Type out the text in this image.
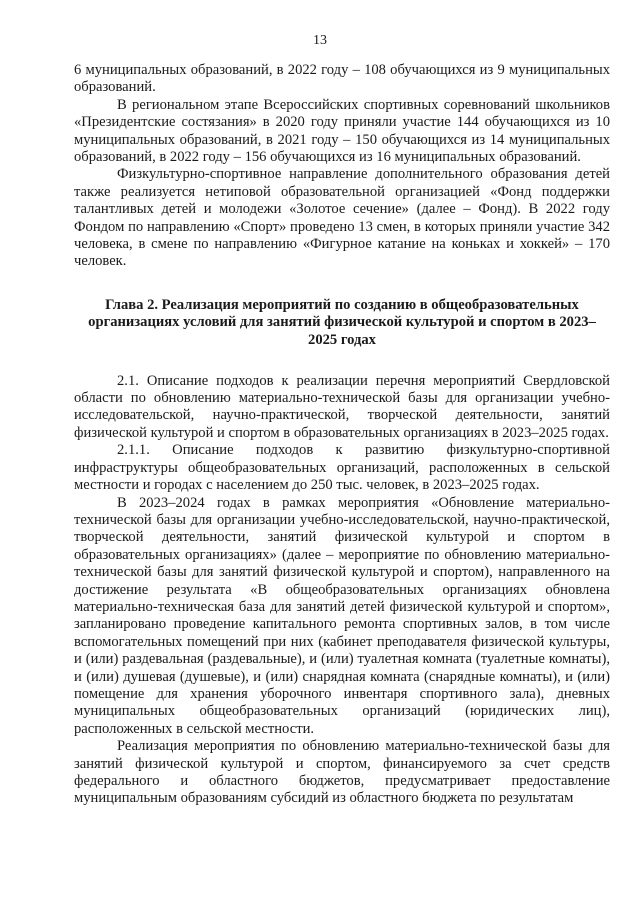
13

6 муниципальных образований, в 2022 году – 108 обучающихся из 9 муниципальных образований.

В региональном этапе Всероссийских спортивных соревнований школьников «Президентские состязания» в 2020 году приняли участие 144 обучающихся из 10 муниципальных образований, в 2021 году – 150 обучающихся из 14 муниципальных образований, в 2022 году – 156 обучающихся из 16 муниципальных образований.

Физкультурно-спортивное направление дополнительного образования детей также реализуется нетиповой образовательной организацией «Фонд поддержки талантливых детей и молодежи «Золотое сечение» (далее – Фонд). В 2022 году Фондом по направлению «Спорт» проведено 13 смен, в которых приняли участие 342 человека, в смене по направлению «Фигурное катание на коньках и хоккей» – 170 человек.

Глава 2. Реализация мероприятий по созданию в общеобразовательных организациях условий для занятий физической культурой и спортом в 2023–2025 годах

2.1. Описание подходов к реализации перечня мероприятий Свердловской области по обновлению материально-технической базы для организации учебно-исследовательской, научно-практической, творческой деятельности, занятий физической культурой и спортом в образовательных организациях в 2023–2025 годах.

2.1.1. Описание подходов к развитию физкультурно-спортивной инфраструктуры общеобразовательных организаций, расположенных в сельской местности и городах с населением до 250 тыс. человек, в 2023–2025 годах.

В 2023–2024 годах в рамках мероприятия «Обновление материально-технической базы для организации учебно-исследовательской, научно-практической, творческой деятельности, занятий физической культурой и спортом в образовательных организациях» (далее – мероприятие по обновлению материально-технической базы для занятий физической культурой и спортом), направленного на достижение результата «В общеобразовательных организациях обновлена материально-техническая база для занятий детей физической культурой и спортом», запланировано проведение капитального ремонта спортивных залов, в том числе вспомогательных помещений при них (кабинет преподавателя физической культуры, и (или) раздевальная (раздевальные), и (или) туалетная комната (туалетные комнаты), и (или) душевая (душевые), и (или) снарядная комната (снарядные комнаты), и (или) помещение для хранения уборочного инвентаря спортивного зала), дневных муниципальных общеобразовательных организаций (юридических лиц), расположенных в сельской местности.

Реализация мероприятия по обновлению материально-технической базы для занятий физической культурой и спортом, финансируемого за счет средств федерального и областного бюджетов, предусматривает предоставление муниципальным образованиям субсидий из областного бюджета по результатам
